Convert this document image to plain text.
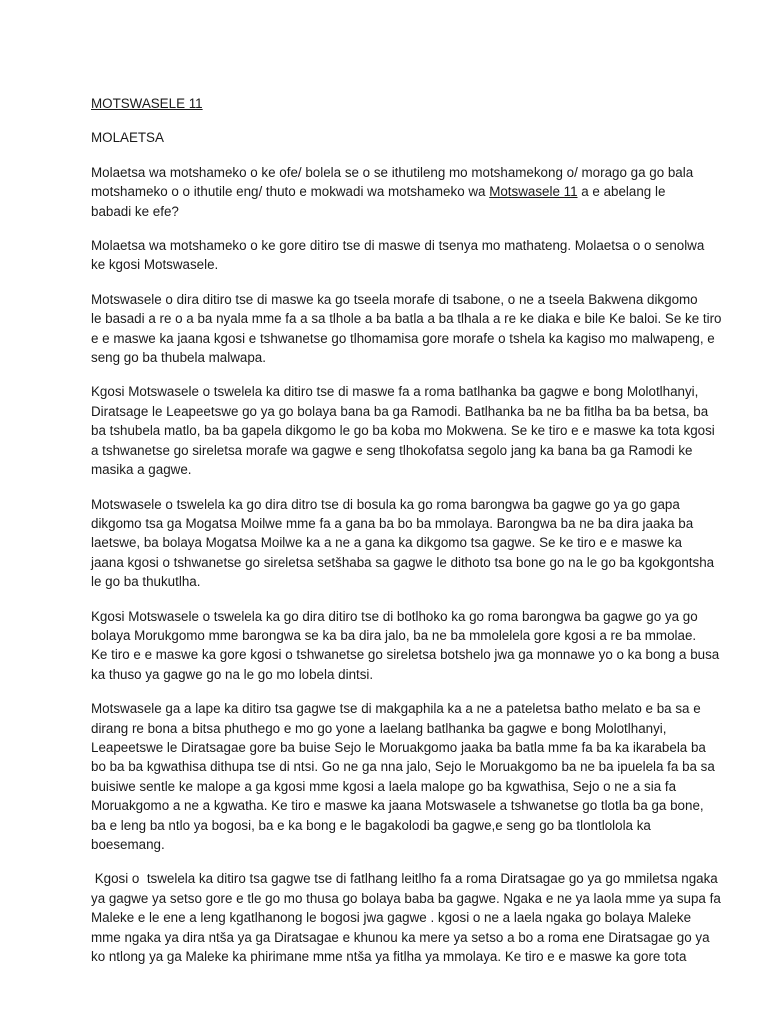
MOTSWASELE 11
MOLAETSA
Molaetsa wa motshameko o ke ofe/ bolela se o se ithutileng mo motshamekong o/ morago ga go bala
motshameko o o ithutile eng/ thuto e mokwadi wa motshameko wa Motswasele 11 a e abelang le
babadi ke efe?
Molaetsa wa motshameko o ke gore ditiro tse di maswe di tsenya mo mathateng. Molaetsa o o senolwa
ke kgosi Motswasele.
Motswasele o dira ditiro tse di maswe ka go tseela morafe di tsabone, o ne a tseela Bakwena dikgomo
le basadi a re o a ba nyala mme fa a sa tlhole a ba batla a ba tlhala a re ke diaka e bile Ke baloi. Se ke tiro
e e maswe ka jaana kgosi e tshwanetse go tlhomamisa gore morafe o tshela ka kagiso mo malwapeng, e
seng go ba thubela malwapa.
Kgosi Motswasele o tswelela ka ditiro tse di maswe fa a roma batlhanka ba gagwe e bong Molotlhanyi,
Diratsage le Leapeetswe go ya go bolaya bana ba ga Ramodi. Batlhanka ba ne ba fitlha ba ba betsa, ba
ba tshubela matlo, ba ba gapela dikgomo le go ba koba mo Mokwena. Se ke tiro e e maswe ka tota kgosi
a tshwanetse go sireletsa morafe wa gagwe e seng tlhokofatsa segolo jang ka bana ba ga Ramodi ke
masika a gagwe.
Motswasele o tswelela ka go dira ditro tse di bosula ka go roma barongwa ba gagwe go ya go gapa
dikgomo tsa ga Mogatsa Moilwe mme fa a gana ba bo ba mmolaya. Barongwa ba ne ba dira jaaka ba
laetswe, ba bolaya Mogatsa Moilwe ka a ne a gana ka dikgomo tsa gagwe. Se ke tiro e e maswe ka
jaana kgosi o tshwanetse go sireletsa setšhaba sa gagwe le dithoto tsa bone go na le go ba kgokgontsha
le go ba thukutlha.
Kgosi Motswasele o tswelela ka go dira ditiro tse di botlhoko ka go roma barongwa ba gagwe go ya go
bolaya Morukgomo mme barongwa se ka ba dira jalo, ba ne ba mmolelela gore kgosi a re ba mmolae.
Ke tiro e e maswe ka gore kgosi o tshwanetse go sireletsa botshelo jwa ga monnawe yo o ka bong a busa
ka thuso ya gagwe go na le go mo lobela dintsi.
Motswasele ga a lape ka ditiro tsa gagwe tse di makgaphila ka a ne a pateletsa batho melato e ba sa e
dirang re bona a bitsa phuthego e mo go yone a laelang batlhanka ba gagwe e bong Molotlhanyi,
Leapeetswe le Diratsagae gore ba buise Sejo le Moruakgomo jaaka ba batla mme fa ba ka ikarabela ba
bo ba ba kgwathisa dithupa tse di ntsi. Go ne ga nna jalo, Sejo le Moruakgomo ba ne ba ipuelela fa ba sa
buisiwe sentle ke malope a ga kgosi mme kgosi a laela malope go ba kgwathisa, Sejo o ne a sia fa
Moruakgomo a ne a kgwatha. Ke tiro e maswe ka jaana Motswasele a tshwanetse go tlotla ba ga bone,
ba e leng ba ntlo ya bogosi, ba e ka bong e le bagakolodi ba gagwe,e seng go ba tlontlolola ka
boesemang.
Kgosi o  tswelela ka ditiro tsa gagwe tse di fatlhang leitlho fa a roma Diratsagae go ya go mmiletsa ngaka
ya gagwe ya setso gore e tle go mo thusa go bolaya baba ba gagwe. Ngaka e ne ya laola mme ya supa fa
Maleke e le ene a leng kgatlhanong le bogosi jwa gagwe . kgosi o ne a laela ngaka go bolaya Maleke
mme ngaka ya dira ntša ya ga Diratsagae e khunou ka mere ya setso a bo a roma ene Diratsagae go ya
ko ntlong ya ga Maleke ka phirimane mme ntša ya fitlha ya mmolaya. Ke tiro e e maswe ka gore tota
